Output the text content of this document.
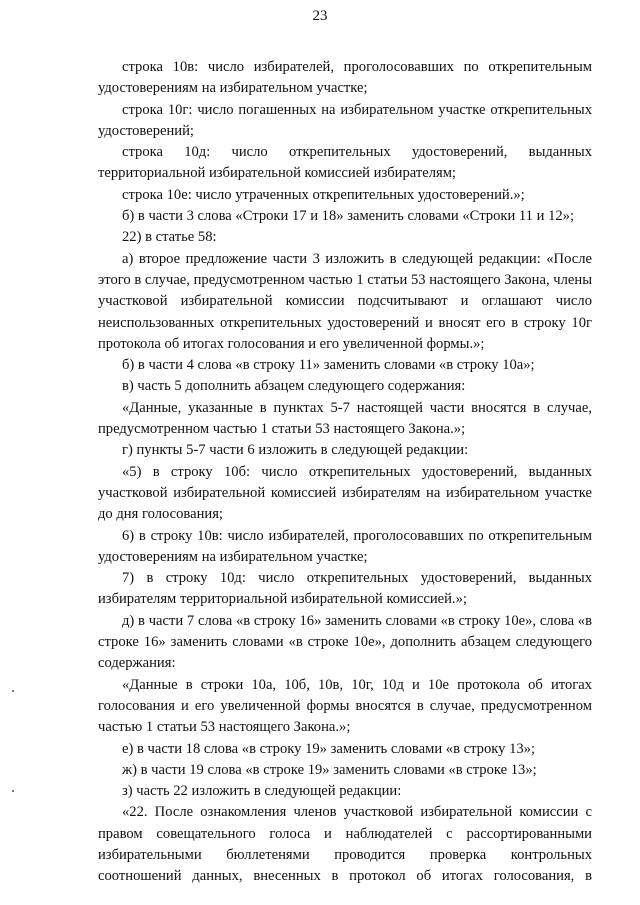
23

строка 10в: число избирателей, проголосовавших по открепительным удостоверениям на избирательном участке;

строка 10г: число погашенных на избирательном участке открепительных удостоверений;

строка 10д: число открепительных удостоверений, выданных территориальной избирательной комиссией избирателям;

строка 10е: число утраченных открепительных удостоверений.»;

б) в части 3 слова «Строки 17 и 18» заменить словами «Строки 11 и 12»;

22) в статье 58:

а) второе предложение части 3 изложить в следующей редакции: «После этого в случае, предусмотренном частью 1 статьи 53 настоящего Закона, члены участковой избирательной комиссии подсчитывают и оглашают число неиспользованных открепительных удостоверений и вносят его в строку 10г протокола об итогах голосования и его увеличенной формы.»;

б) в части 4 слова «в строку 11» заменить словами «в строку 10а»;

в) часть 5 дополнить абзацем следующего содержания:

«Данные, указанные в пунктах 5-7 настоящей части вносятся в случае, предусмотренном частью 1 статьи 53 настоящего Закона.»;

г) пункты 5-7 части 6 изложить в следующей редакции:

«5) в строку 10б: число открепительных удостоверений, выданных участковой избирательной комиссией избирателям на избирательном участке до дня голосования;

6) в строку 10в: число избирателей, проголосовавших по открепительным удостоверениям на избирательном участке;

7) в строку 10д: число открепительных удостоверений, выданных избирателям территориальной избирательной комиссией.»;

д) в части 7 слова «в строку 16» заменить словами «в строку 10е», слова «в строке 16» заменить словами «в строке 10е», дополнить абзацем следующего содержания:

«Данные в строки 10а, 10б, 10в, 10г, 10д и 10е протокола об итогах голосования и его увеличенной формы вносятся в случае, предусмотренном частью 1 статьи 53 настоящего Закона.»;

е) в части 18 слова «в строку 19» заменить словами «в строку 13»;

ж) в части 19 слова «в строке 19» заменить словами «в строке 13»;

з) часть 22 изложить в следующей редакции:

«22. После ознакомления членов участковой избирательной комиссии с правом совещательного голоса и наблюдателей с рассортированными избирательными бюллетенями проводится проверка контрольных соотношений данных, внесенных в протокол об итогах голосования, в
